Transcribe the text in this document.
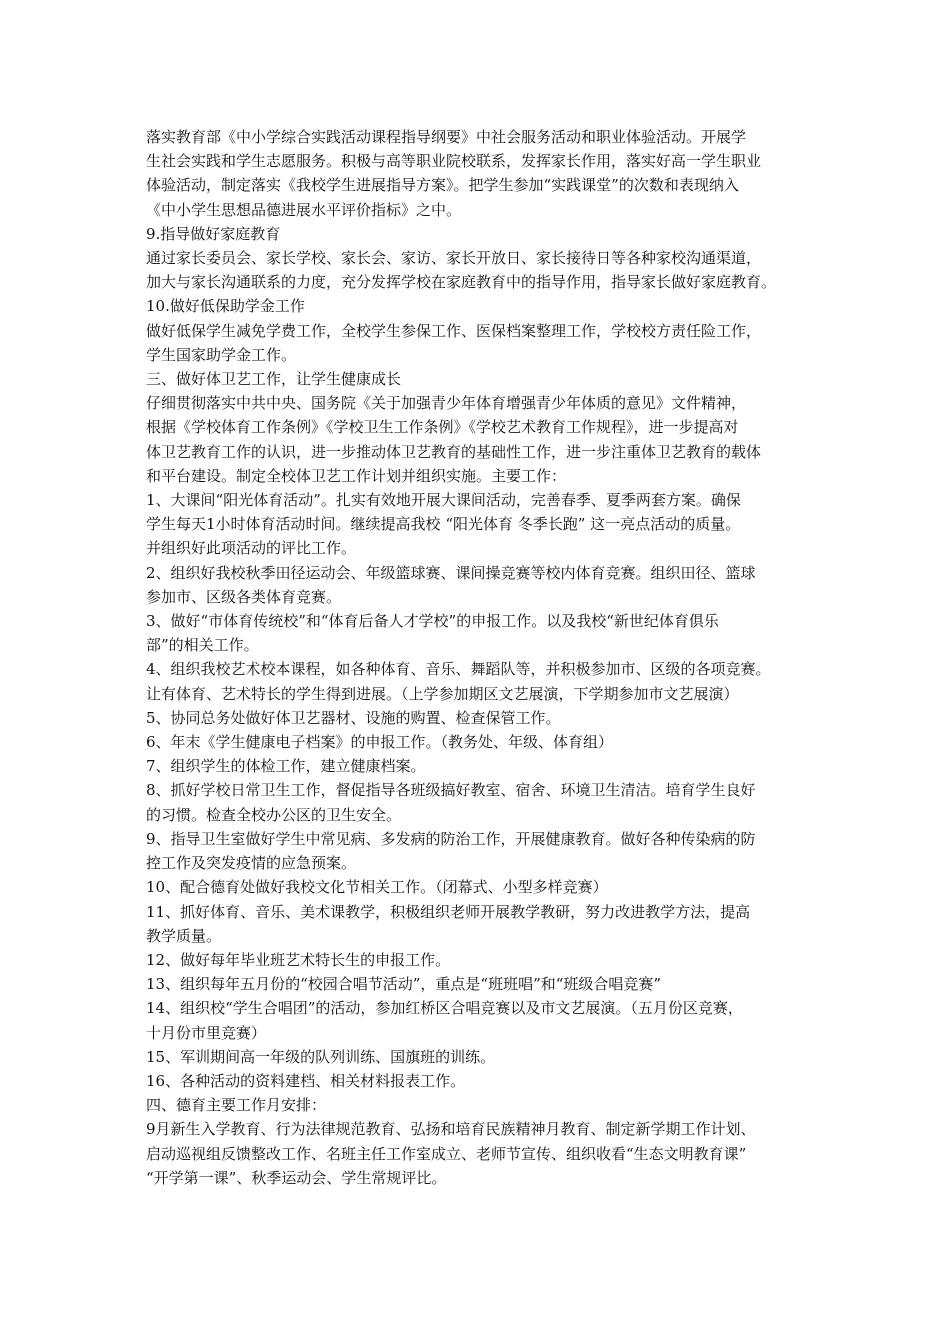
落实教育部《中小学综合实践活动课程指导纲要》中社会服务活动和职业体验活动。开展学
生社会实践和学生志愿服务。积极与高等职业院校联系，发挥家长作用，落实好高一学生职业
体验活动，制定落实《我校学生进展指导方案》。把学生参加“实践课堂”的次数和表现纳入
《中小学生思想品德进展水平评价指标》之中。
9.指导做好家庭教育
通过家长委员会、家长学校、家长会、家访、家长开放日、家长接待日等各种家校沟通渠道，
加大与家长沟通联系的力度，充分发挥学校在家庭教育中的指导作用，指导家长做好家庭教育。
10.做好低保助学金工作
做好低保学生减免学费工作，全校学生参保工作、医保档案整理工作，学校校方责任险工作，
学生国家助学金工作。
三、做好体卫艺工作，让学生健康成长
仔细贯彻落实中共中央、国务院《关于加强青少年体育增强青少年体质的意见》文件精神，
根据《学校体育工作条例》《学校卫生工作条例》《学校艺术教育工作规程》，进一步提高对
体卫艺教育工作的认识，进一步推动体卫艺教育的基础性工作，进一步注重体卫艺教育的载体
和平台建设。制定全校体卫艺工作计划并组织实施。主要工作：
1、大课间“阳光体育活动”。扎实有效地开展大课间活动，完善春季、夏季两套方案。确保
学生每天1小时体育活动时间。继续提高我校 “阳光体育 冬季长跑” 这一亮点活动的质量。
并组织好此项活动的评比工作。
2、组织好我校秋季田径运动会、年级篮球赛、课间操竞赛等校内体育竞赛。组织田径、篮球
参加市、区级各类体育竞赛。
3、做好“市体育传统校”和“体育后备人才学校”的申报工作。以及我校“新世纪体育俱乐
部”的相关工作。
4、组织我校艺术校本课程，如各种体育、音乐、舞蹈队等，并积极参加市、区级的各项竞赛。
让有体育、艺术特长的学生得到进展。（上学参加期区文艺展演，下学期参加市文艺展演）
5、协同总务处做好体卫艺器材、设施的购置、检查保管工作。
6、年末《学生健康电子档案》的申报工作。（教务处、年级、体育组）
7、组织学生的体检工作，建立健康档案。
8、抓好学校日常卫生工作，督促指导各班级搞好教室、宿舍、环境卫生清洁。培育学生良好
的习惯。检查全校办公区的卫生安全。
9、指导卫生室做好学生中常见病、多发病的防治工作，开展健康教育。做好各种传染病的防
控工作及突发疫情的应急预案。
10、配合德育处做好我校文化节相关工作。（闭幕式、小型多样竞赛）
11、抓好体育、音乐、美术课教学，积极组织老师开展教学教研，努力改进教学方法，提高
教学质量。
12、做好每年毕业班艺术特长生的申报工作。
13、组织每年五月份的“校园合唱节活动”，重点是“班班唱”和“班级合唱竞赛”
14、组织校“学生合唱团”的活动，参加红桥区合唱竞赛以及市文艺展演。（五月份区竞赛，
十月份市里竞赛）
15、军训期间高一年级的队列训练、国旗班的训练。
16、各种活动的资料建档、相关材料报表工作。
四、德育主要工作月安排：
9月新生入学教育、行为法律规范教育、弘扬和培育民族精神月教育、制定新学期工作计划、
启动巡视组反馈整改工作、名班主任工作室成立、老师节宣传、组织收看“生态文明教育课”
“开学第一课”、秋季运动会、学生常规评比。
